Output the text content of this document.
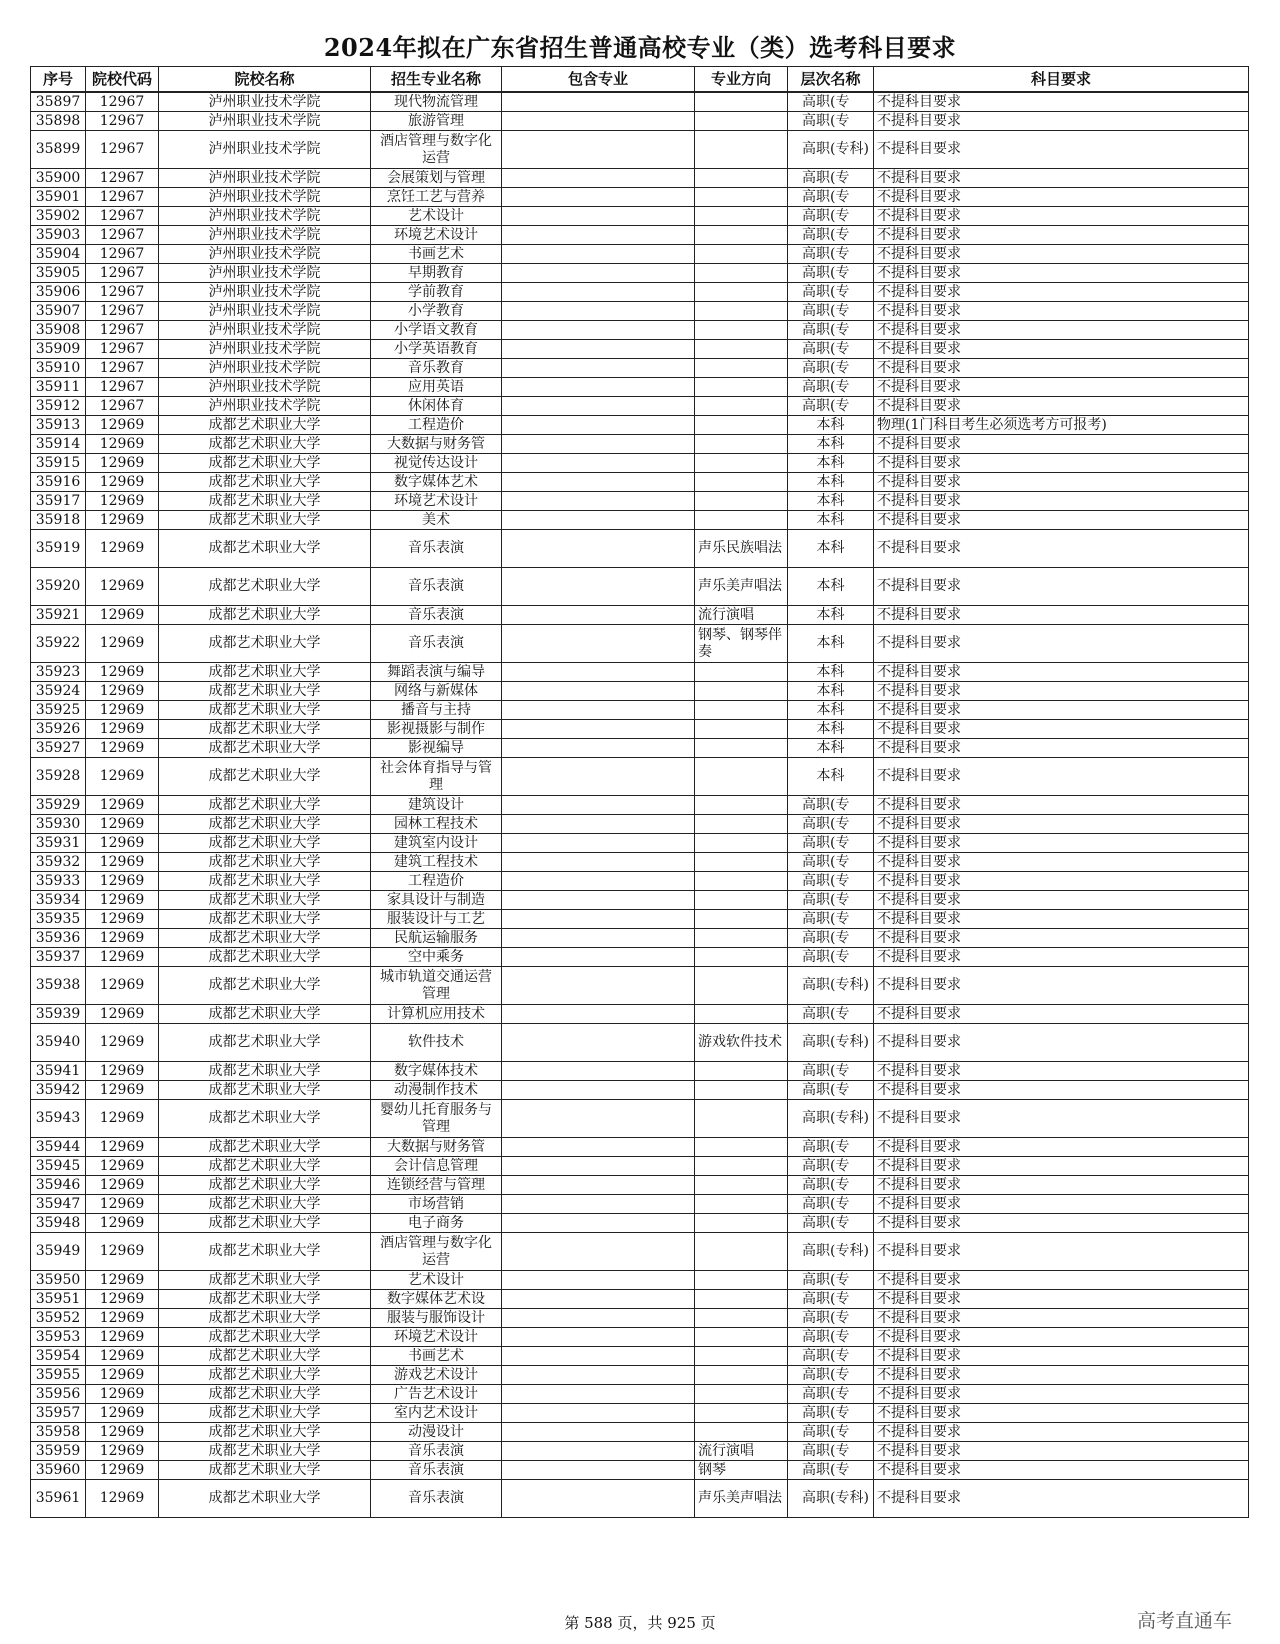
2024年拟在广东省招生普通高校专业（类）选考科目要求
序号	院校代码	院校名称	招生专业名称	包含专业	专业方向	层次名称	科目要求
35897	12967	泸州职业技术学院	现代物流管理			高职(专	不提科目要求
35898	12967	泸州职业技术学院	旅游管理			高职(专	不提科目要求
35899	12967	泸州职业技术学院	酒店管理与数字化运营			高职(专科)	不提科目要求
35900	12967	泸州职业技术学院	会展策划与管理			高职(专	不提科目要求
35901	12967	泸州职业技术学院	烹饪工艺与营养			高职(专	不提科目要求
35902	12967	泸州职业技术学院	艺术设计			高职(专	不提科目要求
35903	12967	泸州职业技术学院	环境艺术设计			高职(专	不提科目要求
35904	12967	泸州职业技术学院	书画艺术			高职(专	不提科目要求
35905	12967	泸州职业技术学院	早期教育			高职(专	不提科目要求
35906	12967	泸州职业技术学院	学前教育			高职(专	不提科目要求
35907	12967	泸州职业技术学院	小学教育			高职(专	不提科目要求
35908	12967	泸州职业技术学院	小学语文教育			高职(专	不提科目要求
35909	12967	泸州职业技术学院	小学英语教育			高职(专	不提科目要求
35910	12967	泸州职业技术学院	音乐教育			高职(专	不提科目要求
35911	12967	泸州职业技术学院	应用英语			高职(专	不提科目要求
35912	12967	泸州职业技术学院	休闲体育			高职(专	不提科目要求
35913	12969	成都艺术职业大学	工程造价			本科	物理(1门科目考生必须选考方可报考)
35914	12969	成都艺术职业大学	大数据与财务管			本科	不提科目要求
35915	12969	成都艺术职业大学	视觉传达设计			本科	不提科目要求
35916	12969	成都艺术职业大学	数字媒体艺术			本科	不提科目要求
35917	12969	成都艺术职业大学	环境艺术设计			本科	不提科目要求
35918	12969	成都艺术职业大学	美术			本科	不提科目要求
35919	12969	成都艺术职业大学	音乐表演		声乐民族唱法	本科	不提科目要求
35920	12969	成都艺术职业大学	音乐表演		声乐美声唱法	本科	不提科目要求
35921	12969	成都艺术职业大学	音乐表演		流行演唱	本科	不提科目要求
35922	12969	成都艺术职业大学	音乐表演		钢琴、钢琴伴奏	本科	不提科目要求
35923	12969	成都艺术职业大学	舞蹈表演与编导			本科	不提科目要求
35924	12969	成都艺术职业大学	网络与新媒体			本科	不提科目要求
35925	12969	成都艺术职业大学	播音与主持			本科	不提科目要求
35926	12969	成都艺术职业大学	影视摄影与制作			本科	不提科目要求
35927	12969	成都艺术职业大学	影视编导			本科	不提科目要求
35928	12969	成都艺术职业大学	社会体育指导与管理			本科	不提科目要求
35929	12969	成都艺术职业大学	建筑设计			高职(专	不提科目要求
35930	12969	成都艺术职业大学	园林工程技术			高职(专	不提科目要求
35931	12969	成都艺术职业大学	建筑室内设计			高职(专	不提科目要求
35932	12969	成都艺术职业大学	建筑工程技术			高职(专	不提科目要求
35933	12969	成都艺术职业大学	工程造价			高职(专	不提科目要求
35934	12969	成都艺术职业大学	家具设计与制造			高职(专	不提科目要求
35935	12969	成都艺术职业大学	服装设计与工艺			高职(专	不提科目要求
35936	12969	成都艺术职业大学	民航运输服务			高职(专	不提科目要求
35937	12969	成都艺术职业大学	空中乘务			高职(专	不提科目要求
35938	12969	成都艺术职业大学	城市轨道交通运营管理			高职(专科)	不提科目要求
35939	12969	成都艺术职业大学	计算机应用技术			高职(专	不提科目要求
35940	12969	成都艺术职业大学	软件技术		游戏软件技术	高职(专科)	不提科目要求
35941	12969	成都艺术职业大学	数字媒体技术			高职(专	不提科目要求
35942	12969	成都艺术职业大学	动漫制作技术			高职(专	不提科目要求
35943	12969	成都艺术职业大学	婴幼儿托育服务与管理			高职(专科)	不提科目要求
35944	12969	成都艺术职业大学	大数据与财务管			高职(专	不提科目要求
35945	12969	成都艺术职业大学	会计信息管理			高职(专	不提科目要求
35946	12969	成都艺术职业大学	连锁经营与管理			高职(专	不提科目要求
35947	12969	成都艺术职业大学	市场营销			高职(专	不提科目要求
35948	12969	成都艺术职业大学	电子商务			高职(专	不提科目要求
35949	12969	成都艺术职业大学	酒店管理与数字化运营			高职(专科)	不提科目要求
35950	12969	成都艺术职业大学	艺术设计			高职(专	不提科目要求
35951	12969	成都艺术职业大学	数字媒体艺术设			高职(专	不提科目要求
35952	12969	成都艺术职业大学	服装与服饰设计			高职(专	不提科目要求
35953	12969	成都艺术职业大学	环境艺术设计			高职(专	不提科目要求
35954	12969	成都艺术职业大学	书画艺术			高职(专	不提科目要求
35955	12969	成都艺术职业大学	游戏艺术设计			高职(专	不提科目要求
35956	12969	成都艺术职业大学	广告艺术设计			高职(专	不提科目要求
35957	12969	成都艺术职业大学	室内艺术设计			高职(专	不提科目要求
35958	12969	成都艺术职业大学	动漫设计			高职(专	不提科目要求
35959	12969	成都艺术职业大学	音乐表演		流行演唱	高职(专	不提科目要求
35960	12969	成都艺术职业大学	音乐表演		钢琴	高职(专	不提科目要求
35961	12969	成都艺术职业大学	音乐表演		声乐美声唱法	高职(专科)	不提科目要求
第 588 页，共 925 页	高考直通车
